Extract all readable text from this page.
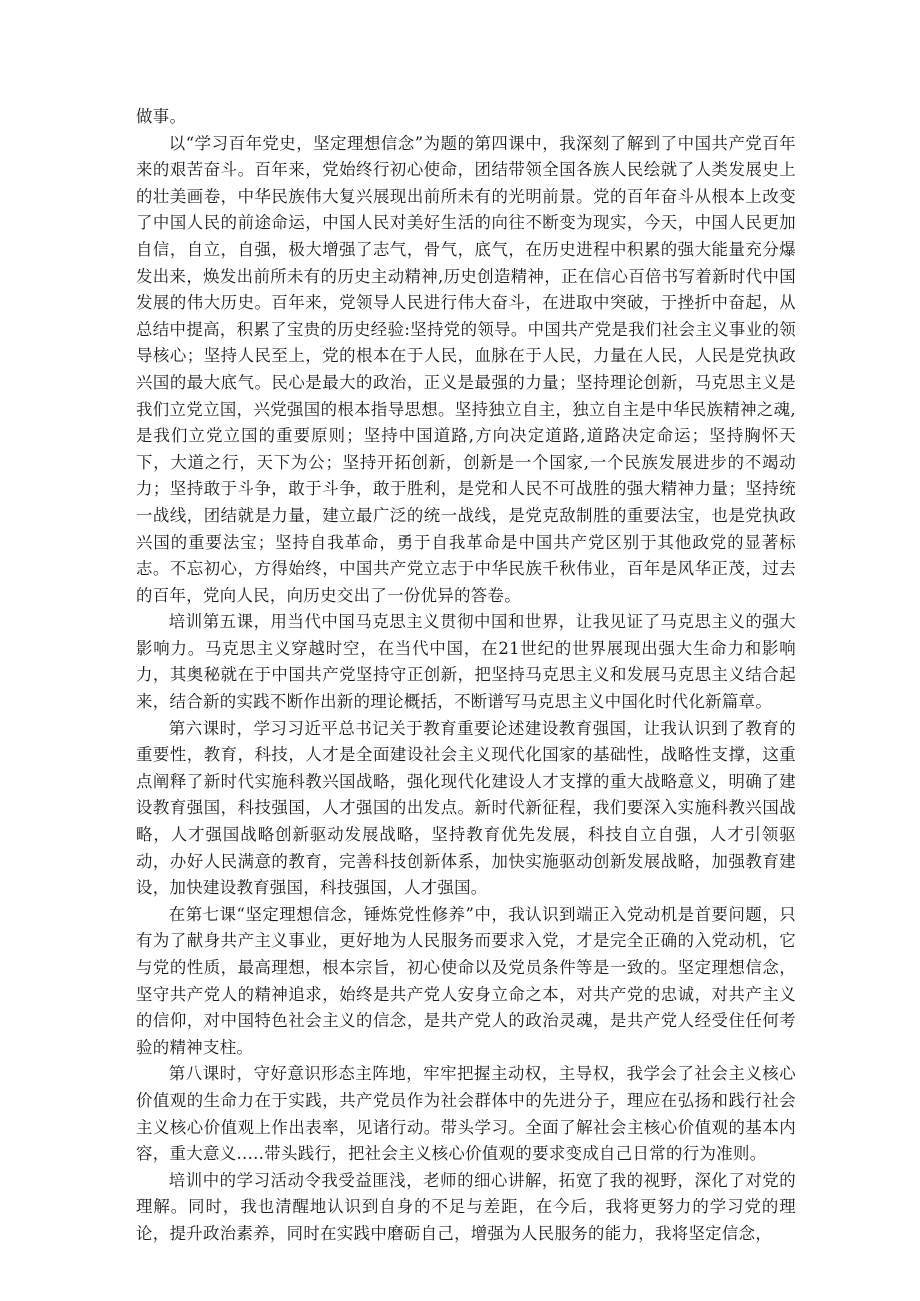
做事。

以“学习百年党史，坚定理想信念”为题的第四课中，我深刻了解到了中国共产党百年来的艰苦奋斗。百年来，党始终行初心使命，团结带领全国各族人民绘就了人类发展史上的壮美画卷，中华民族伟大复兴展现出前所未有的光明前景。党的百年奋斗从根本上改变了中国人民的前途命运，中国人民对美好生活的向往不断变为现实，今天，中国人民更加自信，自立，自强，极大增强了志气，骨气，底气，在历史进程中积累的强大能量充分爆发出来，焕发出前所未有的历史主动精神,历史创造精神，正在信心百倍书写着新时代中国发展的伟大历史。百年来，党领导人民进行伟大奋斗，在进取中突破，于挫折中奋起，从总结中提高，积累了宝贵的历史经验:坚持党的领导。中国共产党是我们社会主义事业的领导核心；坚持人民至上，党的根本在于人民，血脉在于人民，力量在人民，人民是党执政兴国的最大底气。民心是最大的政治，正义是最强的力量；坚持理论创新，马克思主义是我们立党立国，兴党强国的根本指导思想。坚持独立自主，独立自主是中华民族精神之魂, 是我们立党立国的重要原则；坚持中国道路,方向决定道路,道路决定命运；坚持胸怀天下，大道之行，天下为公；坚持开拓创新，创新是一个国家,一个民族发展进步的不竭动力；坚持敢于斗争，敢于斗争，敢于胜利，是党和人民不可战胜的强大精神力量；坚持统一战线，团结就是力量，建立最广泛的统一战线，是党克敌制胜的重要法宝，也是党执政兴国的重要法宝；坚持自我革命，勇于自我革命是中国共产党区别于其他政党的显著标志。不忘初心，方得始终，中国共产党立志于中华民族千秋伟业，百年是风华正茂，过去的百年，党向人民，向历史交出了一份优异的答卷。

培训第五课，用当代中国马克思主义贯彻中国和世界，让我见证了马克思主义的强大影响力。马克思主义穿越时空，在当代中国，在21世纪的世界展现出强大生命力和影响力，其奥秘就在于中国共产党坚持守正创新，把坚持马克思主义和发展马克思主义结合起来，结合新的实践不断作出新的理论概括，不断谱写马克思主义中国化时代化新篇章。

第六课时，学习习近平总书记关于教育重要论述建设教育强国，让我认识到了教育的重要性，教育，科技，人才是全面建设社会主义现代化国家的基础性，战略性支撑，这重点阐释了新时代实施科教兴国战略，强化现代化建设人才支撑的重大战略意义，明确了建设教育强国，科技强国，人才强国的出发点。新时代新征程，我们要深入实施科教兴国战略，人才强国战略创新驱动发展战略，坚持教育优先发展，科技自立自强，人才引领驱动，办好人民满意的教育，完善科技创新体系，加快实施驱动创新发展战略，加强教育建设，加快建设教育强国，科技强国，人才强国。

在第七课“坚定理想信念，锤炼党性修养”中，我认识到端正入党动机是首要问题，只有为了献身共产主义事业，更好地为人民服务而要求入党，才是完全正确的入党动机，它与党的性质，最高理想，根本宗旨，初心使命以及党员条件等是一致的。坚定理想信念，坚守共产党人的精神追求，始终是共产党人安身立命之本，对共产党的忠诚，对共产主义的信仰，对中国特色社会主义的信念，是共产党人的政治灵魂，是共产党人经受住任何考验的精神支柱。

第八课时，守好意识形态主阵地，牢牢把握主动权，主导权，我学会了社会主义核心价值观的生命力在于实践，共产党员作为社会群体中的先进分子，理应在弘扬和践行社会主义核心价值观上作出表率，见诸行动。带头学习。全面了解社会主核心价值观的基本内容，重大意义.....带头践行，把社会主义核心价值观的要求变成自己日常的行为准则。

培训中的学习活动令我受益匪浅，老师的细心讲解，拓宽了我的视野，深化了对党的理解。同时，我也清醒地认识到自身的不足与差距，在今后，我将更努力的学习党的理论，提升政治素养，同时在实践中磨砺自己，增强为人民服务的能力，我将坚定信念，
